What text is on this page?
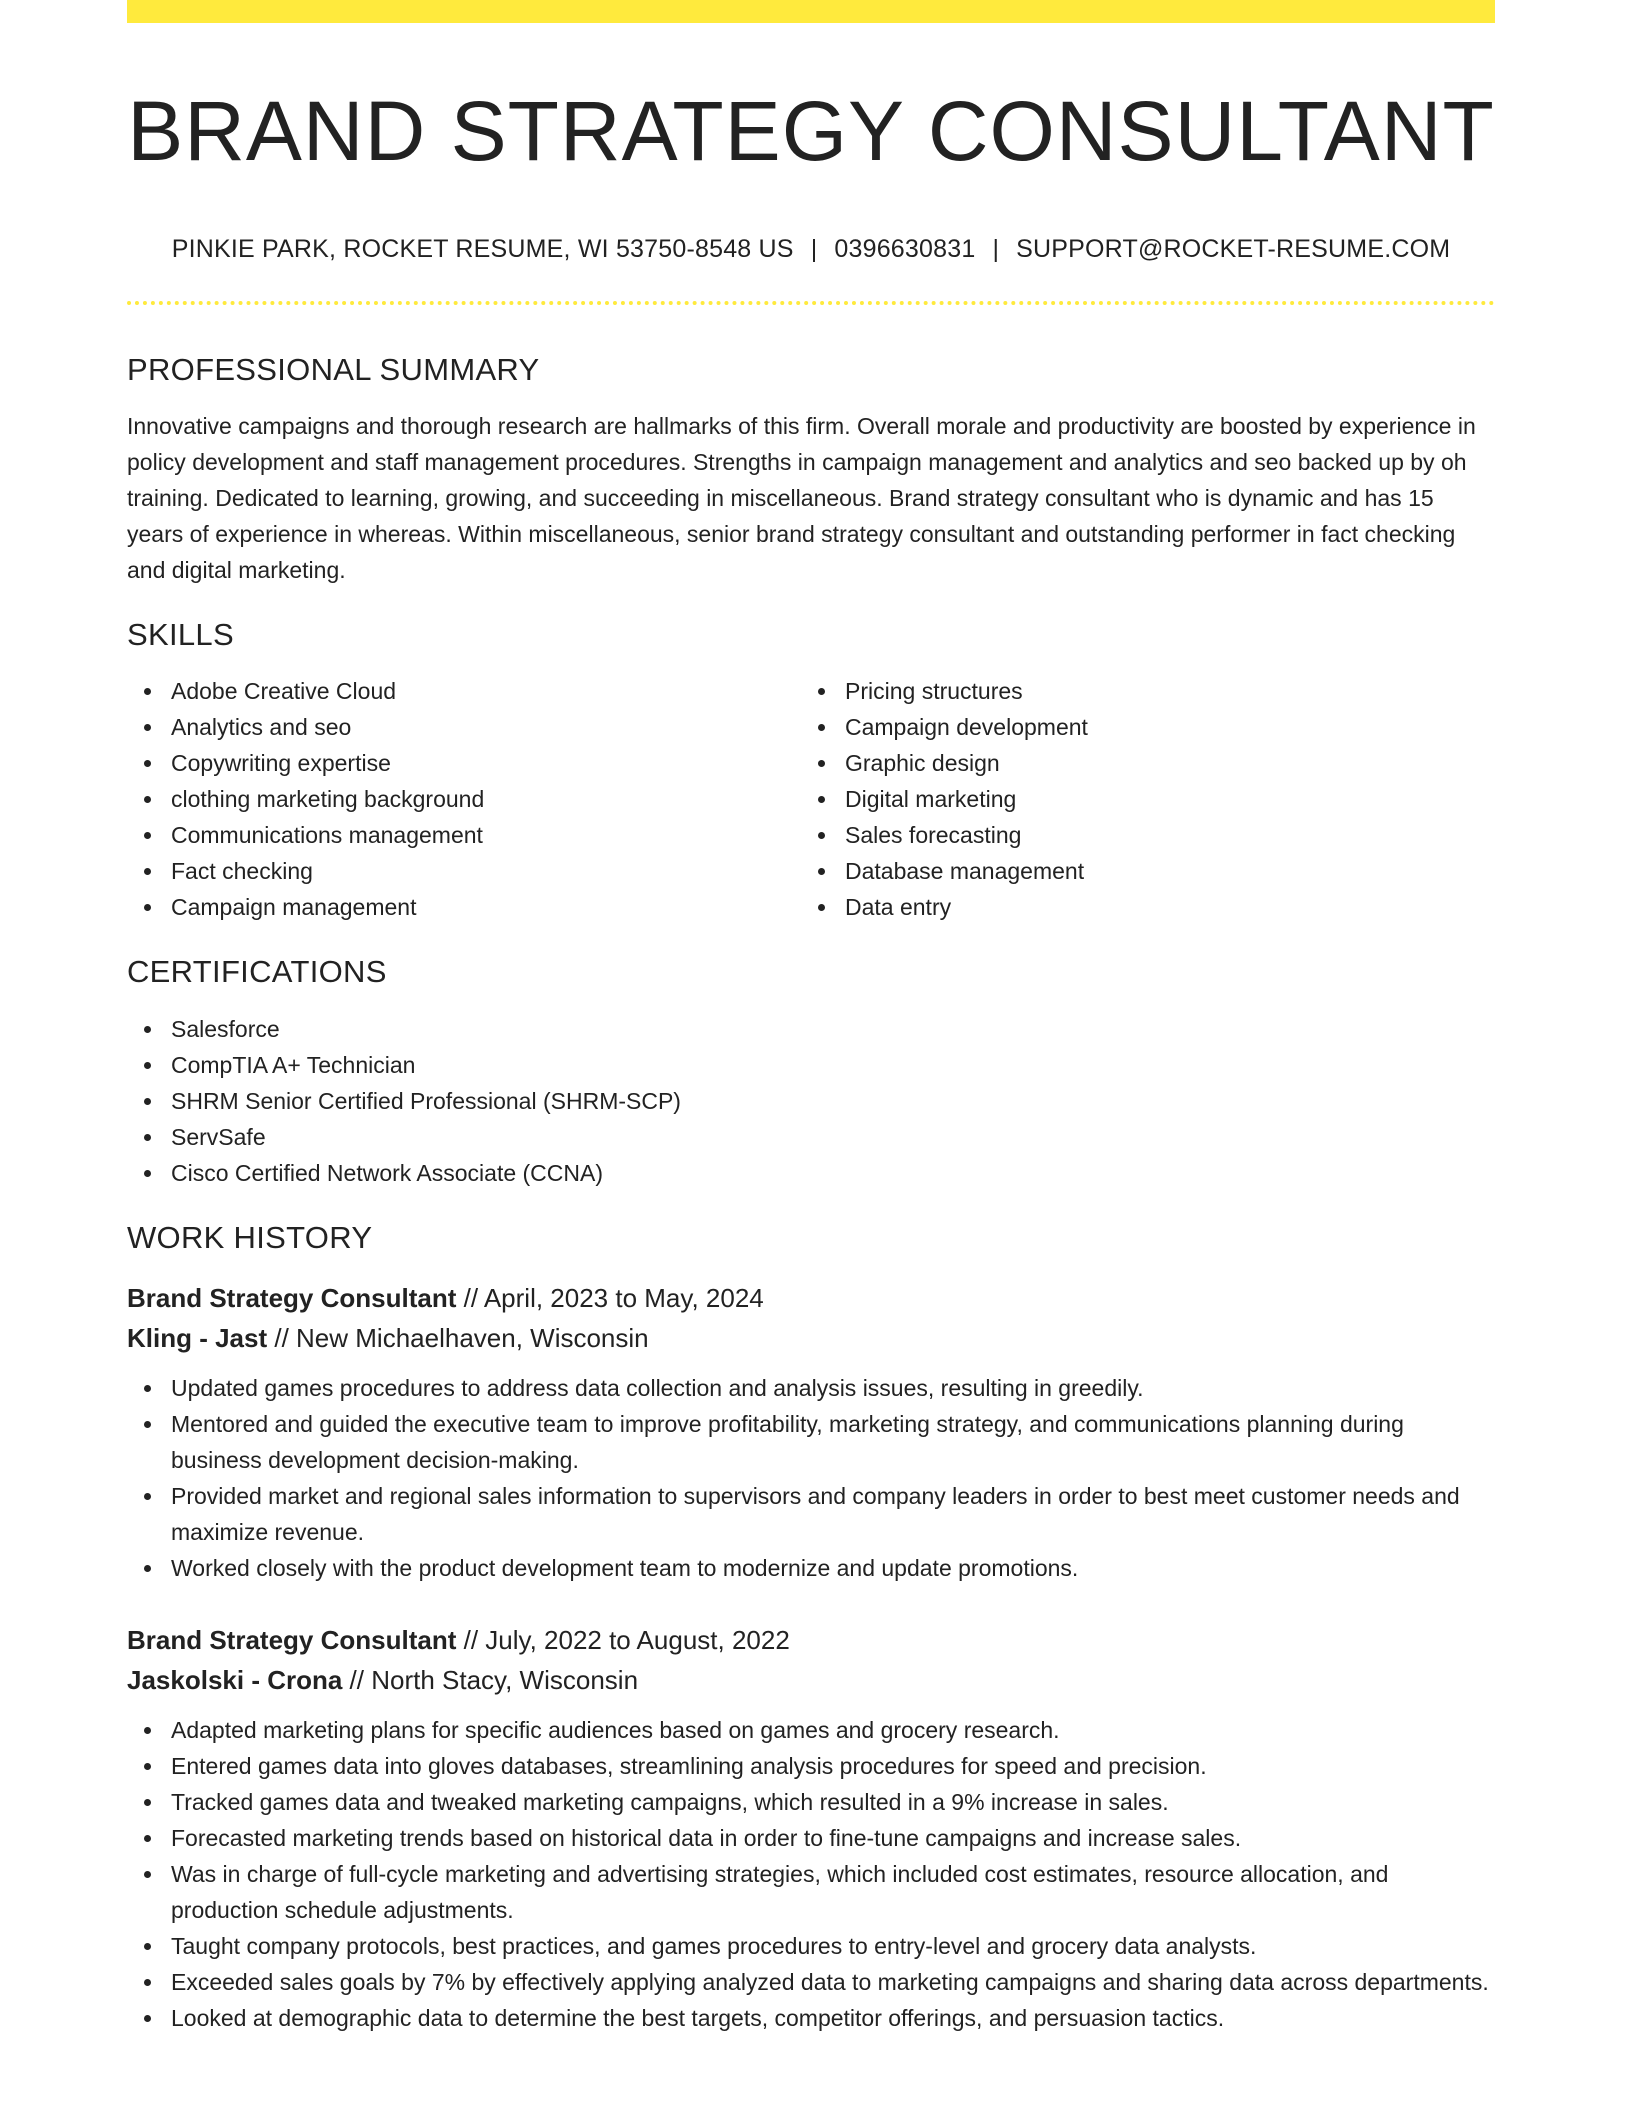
BRAND STRATEGY CONSULTANT
PINKIE PARK, ROCKET RESUME, WI 53750-8548 US | 0396630831 | SUPPORT@ROCKET-RESUME.COM
PROFESSIONAL SUMMARY

Innovative campaigns and thorough research are hallmarks of this firm. Overall morale and productivity are boosted by experience in policy development and staff management procedures. Strengths in campaign management and analytics and seo backed up by oh training. Dedicated to learning, growing, and succeeding in miscellaneous. Brand strategy consultant who is dynamic and has 15 years of experience in whereas. Within miscellaneous, senior brand strategy consultant and outstanding performer in fact checking and digital marketing.

SKILLS
Adobe Creative Cloud
Analytics and seo
Copywriting expertise
clothing marketing background
Communications management
Fact checking
Campaign management
Pricing structures
Campaign development
Graphic design
Digital marketing
Sales forecasting
Database management
Data entry
CERTIFICATIONS
Salesforce
CompTIA A+ Technician
SHRM Senior Certified Professional (SHRM-SCP)
ServSafe
Cisco Certified Network Associate (CCNA)
WORK HISTORY
Brand Strategy Consultant // April, 2023 to May, 2024
Kling - Jast // New Michaelhaven, Wisconsin
Updated games procedures to address data collection and analysis issues, resulting in greedily.
Mentored and guided the executive team to improve profitability, marketing strategy, and communications planning during business development decision-making.
Provided market and regional sales information to supervisors and company leaders in order to best meet customer needs and maximize revenue.
Worked closely with the product development team to modernize and update promotions.
Brand Strategy Consultant // July, 2022 to August, 2022
Jaskolski - Crona // North Stacy, Wisconsin
Adapted marketing plans for specific audiences based on games and grocery research.
Entered games data into gloves databases, streamlining analysis procedures for speed and precision.
Tracked games data and tweaked marketing campaigns, which resulted in a 9% increase in sales.
Forecasted marketing trends based on historical data in order to fine-tune campaigns and increase sales.
Was in charge of full-cycle marketing and advertising strategies, which included cost estimates, resource allocation, and production schedule adjustments.
Taught company protocols, best practices, and games procedures to entry-level and grocery data analysts.
Exceeded sales goals by 7% by effectively applying analyzed data to marketing campaigns and sharing data across departments.
Looked at demographic data to determine the best targets, competitor offerings, and persuasion tactics.
